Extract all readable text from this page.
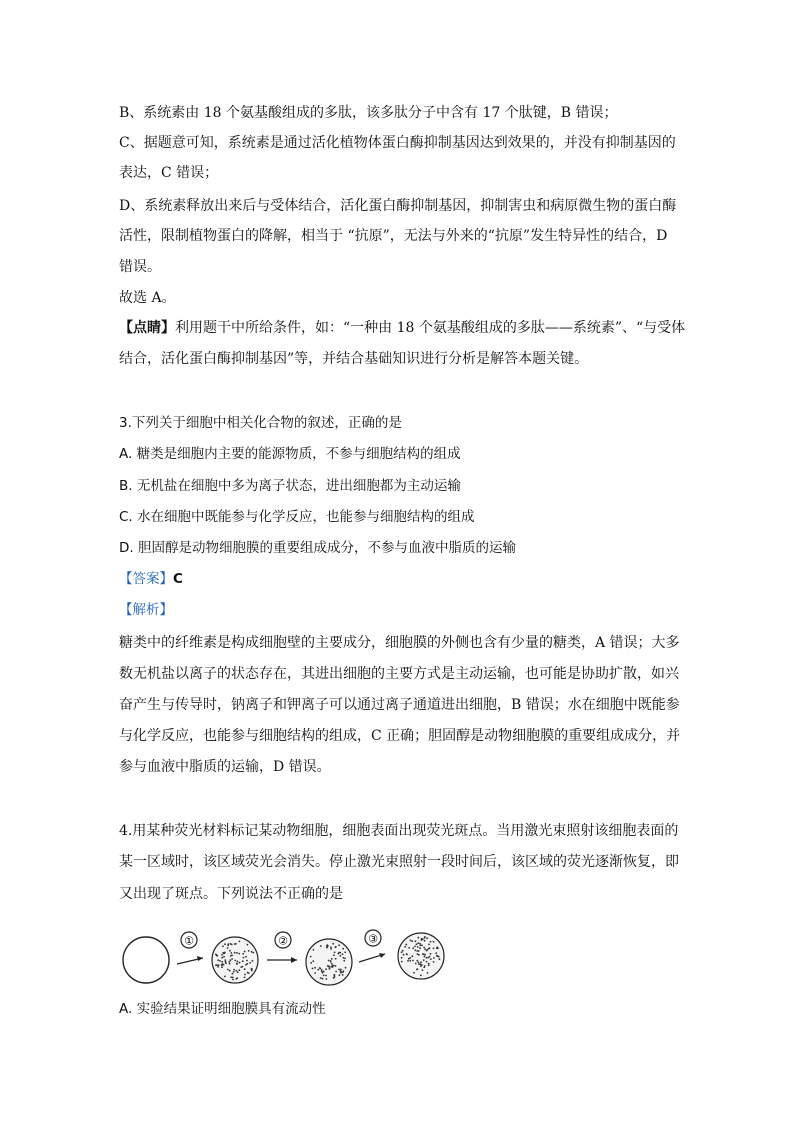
B、系统素由 18 个氨基酸组成的多肽，该多肽分子中含有 17 个肽键，B 错误；
C、据题意可知，系统素是通过活化植物体蛋白酶抑制基因达到效果的，并没有抑制基因的
表达，C 错误；
D、系统素释放出来后与受体结合，活化蛋白酶抑制基因，抑制害虫和病原微生物的蛋白酶
活性，限制植物蛋白的降解，相当于 “抗原”，无法与外来的“抗原”发生特异性的结合，D
错误。
故选 A。
【点睛】利用题干中所给条件，如：“一种由 18 个氨基酸组成的多肽——系统素”、“与受体
结合，活化蛋白酶抑制基因”等，并结合基础知识进行分析是解答本题关键。
3.下列关于细胞中相关化合物的叙述，正确的是
A. 糖类是细胞内主要的能源物质，不参与细胞结构的组成
B. 无机盐在细胞中多为离子状态，进出细胞都为主动运输
C. 水在细胞中既能参与化学反应，也能参与细胞结构的组成
D. 胆固醇是动物细胞膜的重要组成成分，不参与血液中脂质的运输
【答案】C
【解析】
糖类中的纤维素是构成细胞壁的主要成分，细胞膜的外侧也含有少量的糖类，A 错误；大多
数无机盐以离子的状态存在，其进出细胞的主要方式是主动运输，也可能是协助扩散，如兴
奋产生与传导时，钠离子和钾离子可以通过离子通道进出细胞，B 错误；水在细胞中既能参
与化学反应，也能参与细胞结构的组成，C 正确；胆固醇是动物细胞膜的重要组成成分，并
参与血液中脂质的运输，D 错误。
4.用某种荧光材料标记某动物细胞，细胞表面出现荧光斑点。当用激光束照射该细胞表面的
某一区域时，该区域荧光会消失。停止激光束照射一段时间后，该区域的荧光逐渐恢复，即
又出现了斑点。下列说法不正确的是
①	②	③
A. 实验结果证明细胞膜具有流动性
